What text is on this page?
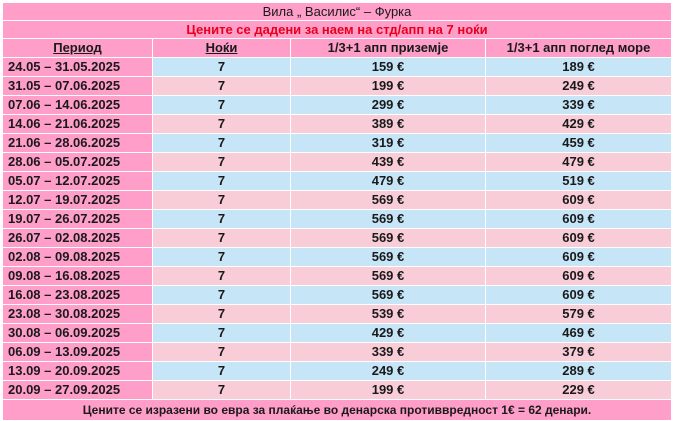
Вила „ Василис“ – Фурка			
Цените се дадени за наем на стд/апп на 7 ноќи			
Период	Ноќи	1/3+1 апп приземје	1/3+1 апп поглед море
24.05 – 31.05.2025	7	159 €	189 €
31.05 – 07.06.2025	7	199 €	249 €
07.06 – 14.06.2025	7	299 €	339 €
14.06 – 21.06.2025	7	389 €	429 €
21.06 – 28.06.2025	7	319 €	459 €
28.06 – 05.07.2025	7	439 €	479 €
05.07 – 12.07.2025	7	479 €	519 €
12.07 – 19.07.2025	7	569 €	609 €
19.07 – 26.07.2025	7	569 €	609 €
26.07 – 02.08.2025	7	569 €	609 €
02.08 – 09.08.2025	7	569 €	609 €
09.08 – 16.08.2025	7	569 €	609 €
16.08 – 23.08.2025	7	569 €	609 €
23.08 – 30.08.2025	7	539 €	579 €
30.08 – 06.09.2025	7	429 €	469 €
06.09 – 13.09.2025	7	339 €	379 €
13.09 – 20.09.2025	7	249 €	289 €
20.09 – 27.09.2025	7	199 €	229 €
Цените се изразени во евра за плаќање во денарска противвредност 1€ = 62 денари.			
